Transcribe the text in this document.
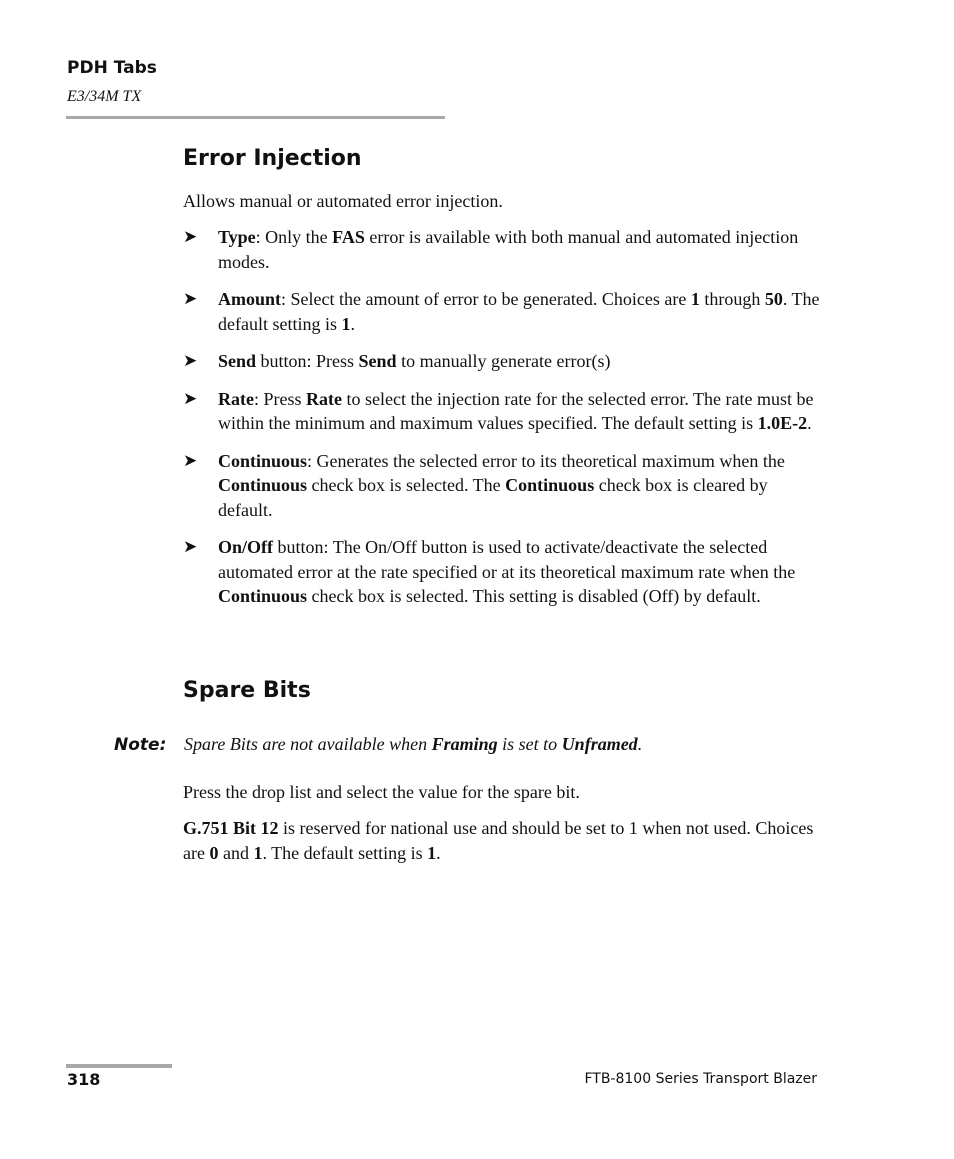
PDH Tabs
E3/34M TX
Error Injection

Allows manual or automated error injection.

➤ Type: Only the FAS error is available with both manual and automated injection modes.
➤ Amount: Select the amount of error to be generated. Choices are 1 through 50. The default setting is 1.
➤ Send button: Press Send to manually generate error(s)
➤ Rate: Press Rate to select the injection rate for the selected error. The rate must be within the minimum and maximum values specified. The default setting is 1.0E-2.
➤ Continuous: Generates the selected error to its theoretical maximum when the Continuous check box is selected. The Continuous check box is cleared by default.
➤ On/Off button: The On/Off button is used to activate/deactivate the selected automated error at the rate specified or at its theoretical maximum rate when the Continuous check box is selected. This setting is disabled (Off) by default.
Spare Bits
Note: Spare Bits are not available when Framing is set to Unframed.

Press the drop list and select the value for the spare bit.

G.751 Bit 12 is reserved for national use and should be set to 1 when not used. Choices are 0 and 1. The default setting is 1.

318	FTB-8100 Series Transport Blazer
